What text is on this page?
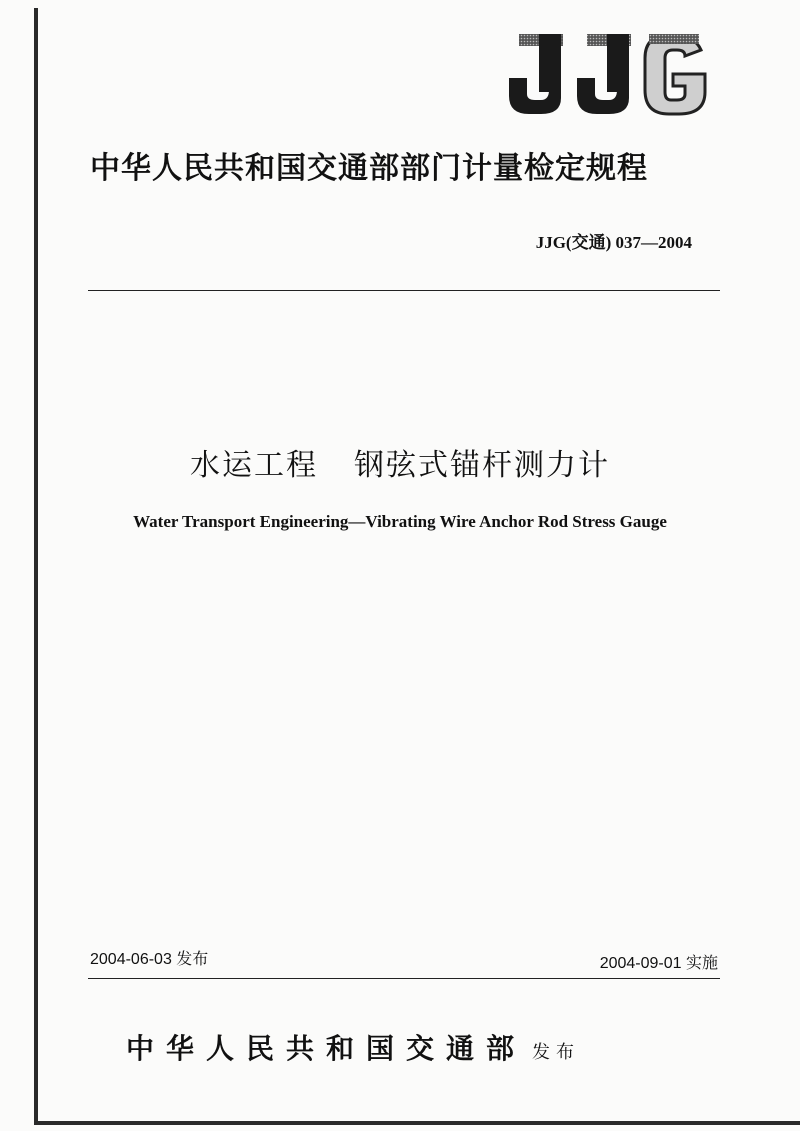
中华人民共和国交通部部门计量检定规程
JJG(交通) 037—2004
水运工程 钢弦式锚杆测力计
Water Transport Engineering—Vibrating Wire Anchor Rod Stress Gauge
2004-06-03 发布	2004-09-01 实施
中华人民共和国交通部 发布
